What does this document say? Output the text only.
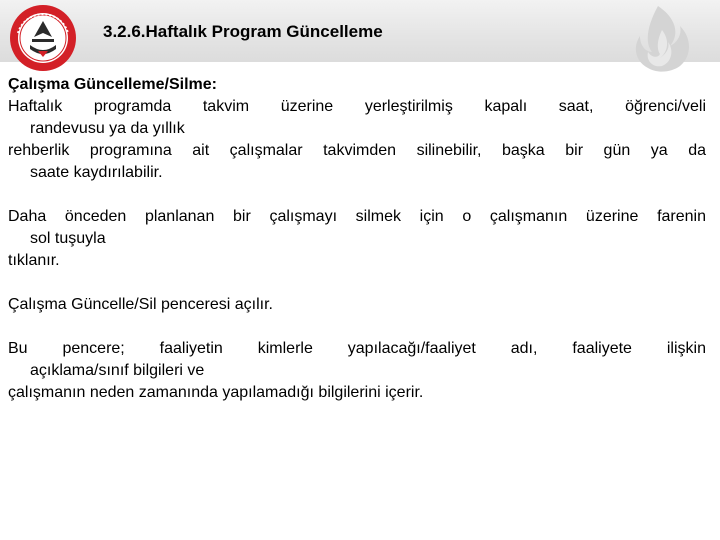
3.2.6.Haftalık Program Güncelleme
Çalışma Güncelleme/Silme:
Haftalık programda takvim üzerine yerleştirilmiş kapalı saat, öğrenci/veli
randevusu ya da yıllık
rehberlik programına ait çalışmalar takvimden silinebilir, başka bir gün ya da
saate kaydırılabilir.
Daha önceden planlanan bir çalışmayı silmek için o çalışmanın üzerine farenin
sol tuşuyla
tıklanır.
Çalışma Güncelle/Sil penceresi açılır.
Bu pencere; faaliyetin kimlerle yapılacağı/faaliyet adı, faaliyete ilişkin
açıklama/sınıf bilgileri ve
çalışmanın neden zamanında yapılamadığı bilgilerini içerir.
